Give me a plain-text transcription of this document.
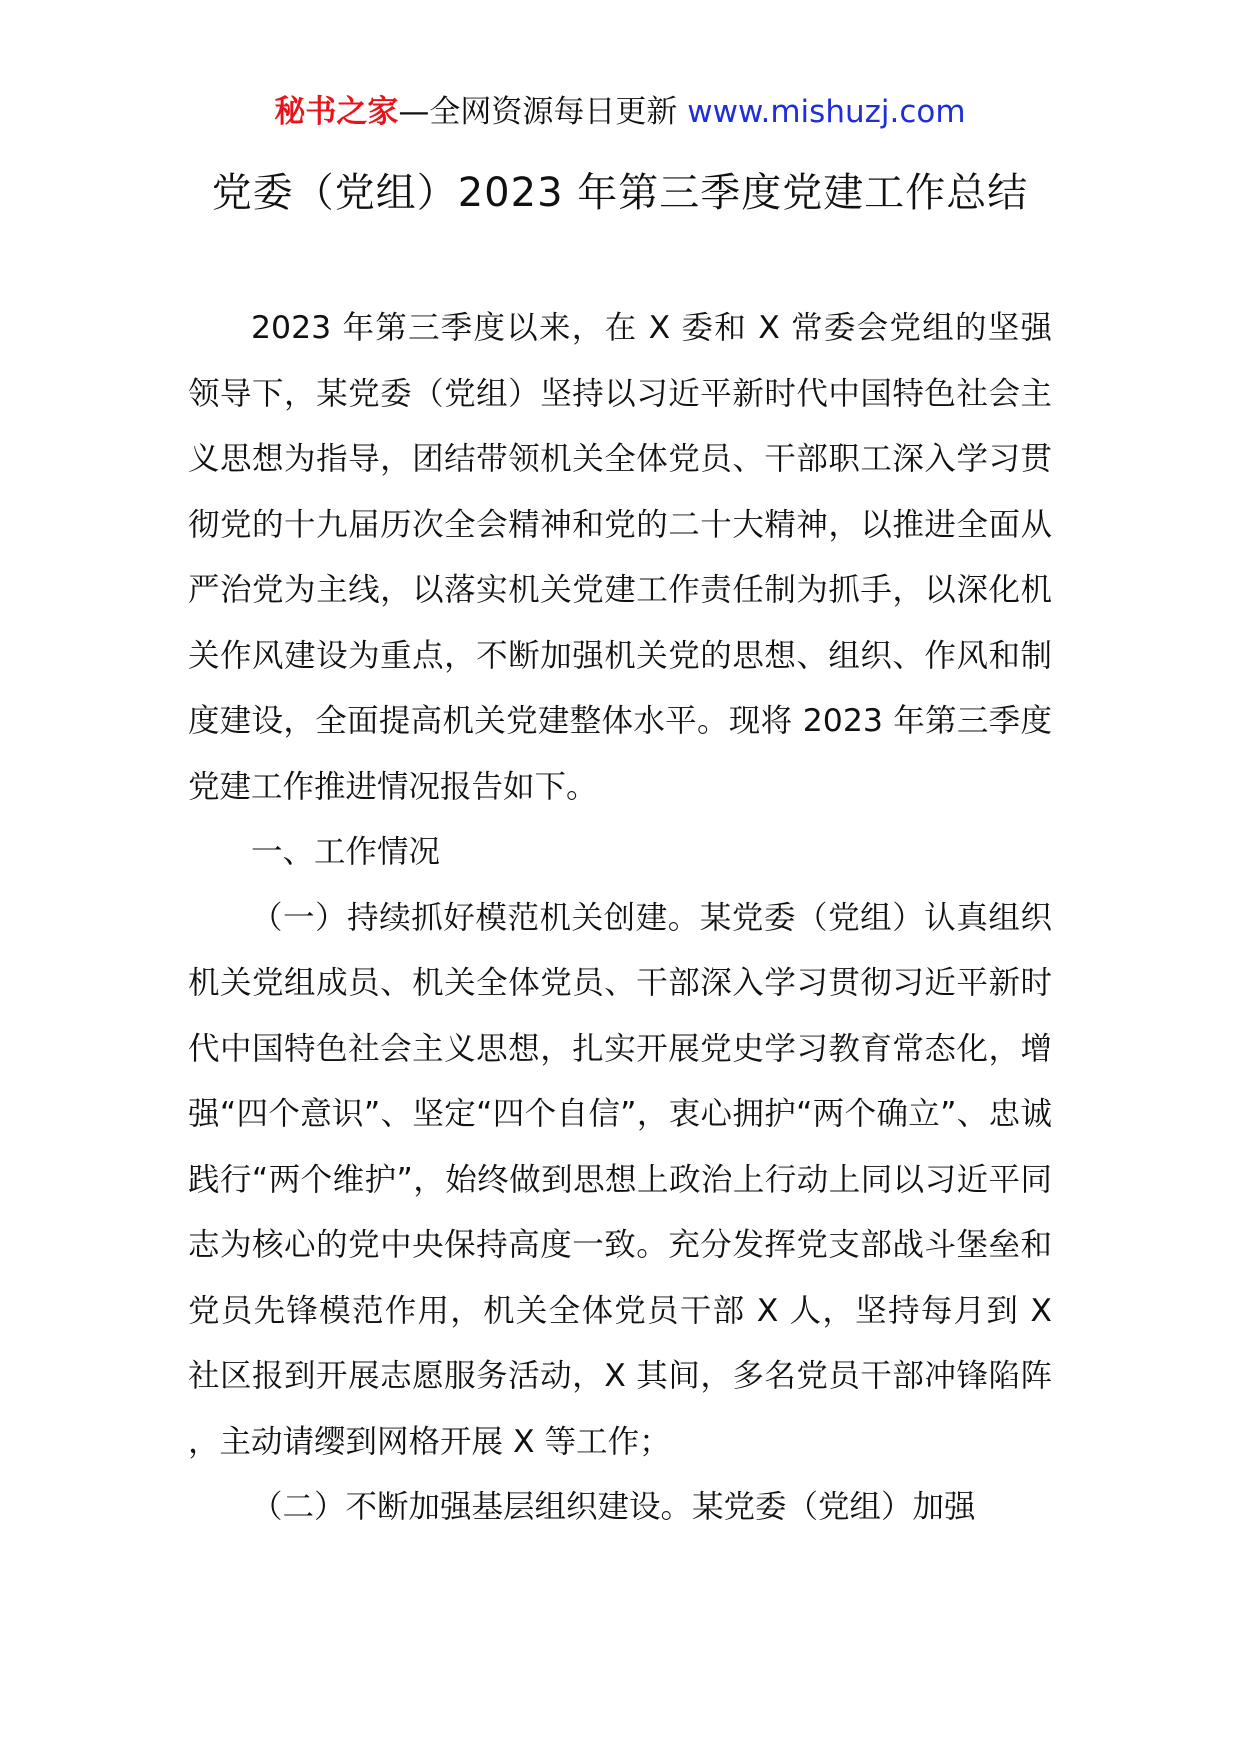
秘书之家—全网资源每日更新 www.mishuzj.com
党委（党组）2023 年第三季度党建工作总结

2023 年第三季度以来，在 X 委和 X 常委会党组的坚强领导下，某党委（党组）坚持以习近平新时代中国特色社会主义思想为指导，团结带领机关全体党员、干部职工深入学习贯彻党的十九届历次全会精神和党的二十大精神，以推进全面从严治党为主线，以落实机关党建工作责任制为抓手，以深化机关作风建设为重点，不断加强机关党的思想、组织、作风和制度建设，全面提高机关党建整体水平。现将 2023 年第三季度党建工作推进情况报告如下。

一、工作情况

（一）持续抓好模范机关创建。某党委（党组）认真组织机关党组成员、机关全体党员、干部深入学习贯彻习近平新时代中国特色社会主义思想，扎实开展党史学习教育常态化，增强“四个意识”、坚定“四个自信”，衷心拥护“两个确立”、忠诚践行“两个维护”，始终做到思想上政治上行动上同以习近平同志为核心的党中央保持高度一致。充分发挥党支部战斗堡垒和党员先锋模范作用，机关全体党员干部 X 人，坚持每月到 X 社区报到开展志愿服务活动，X 其间，多名党员干部冲锋陷阵，主动请缨到网格开展 X 等工作；

（二）不断加强基层组织建设。某党委（党组）加强
